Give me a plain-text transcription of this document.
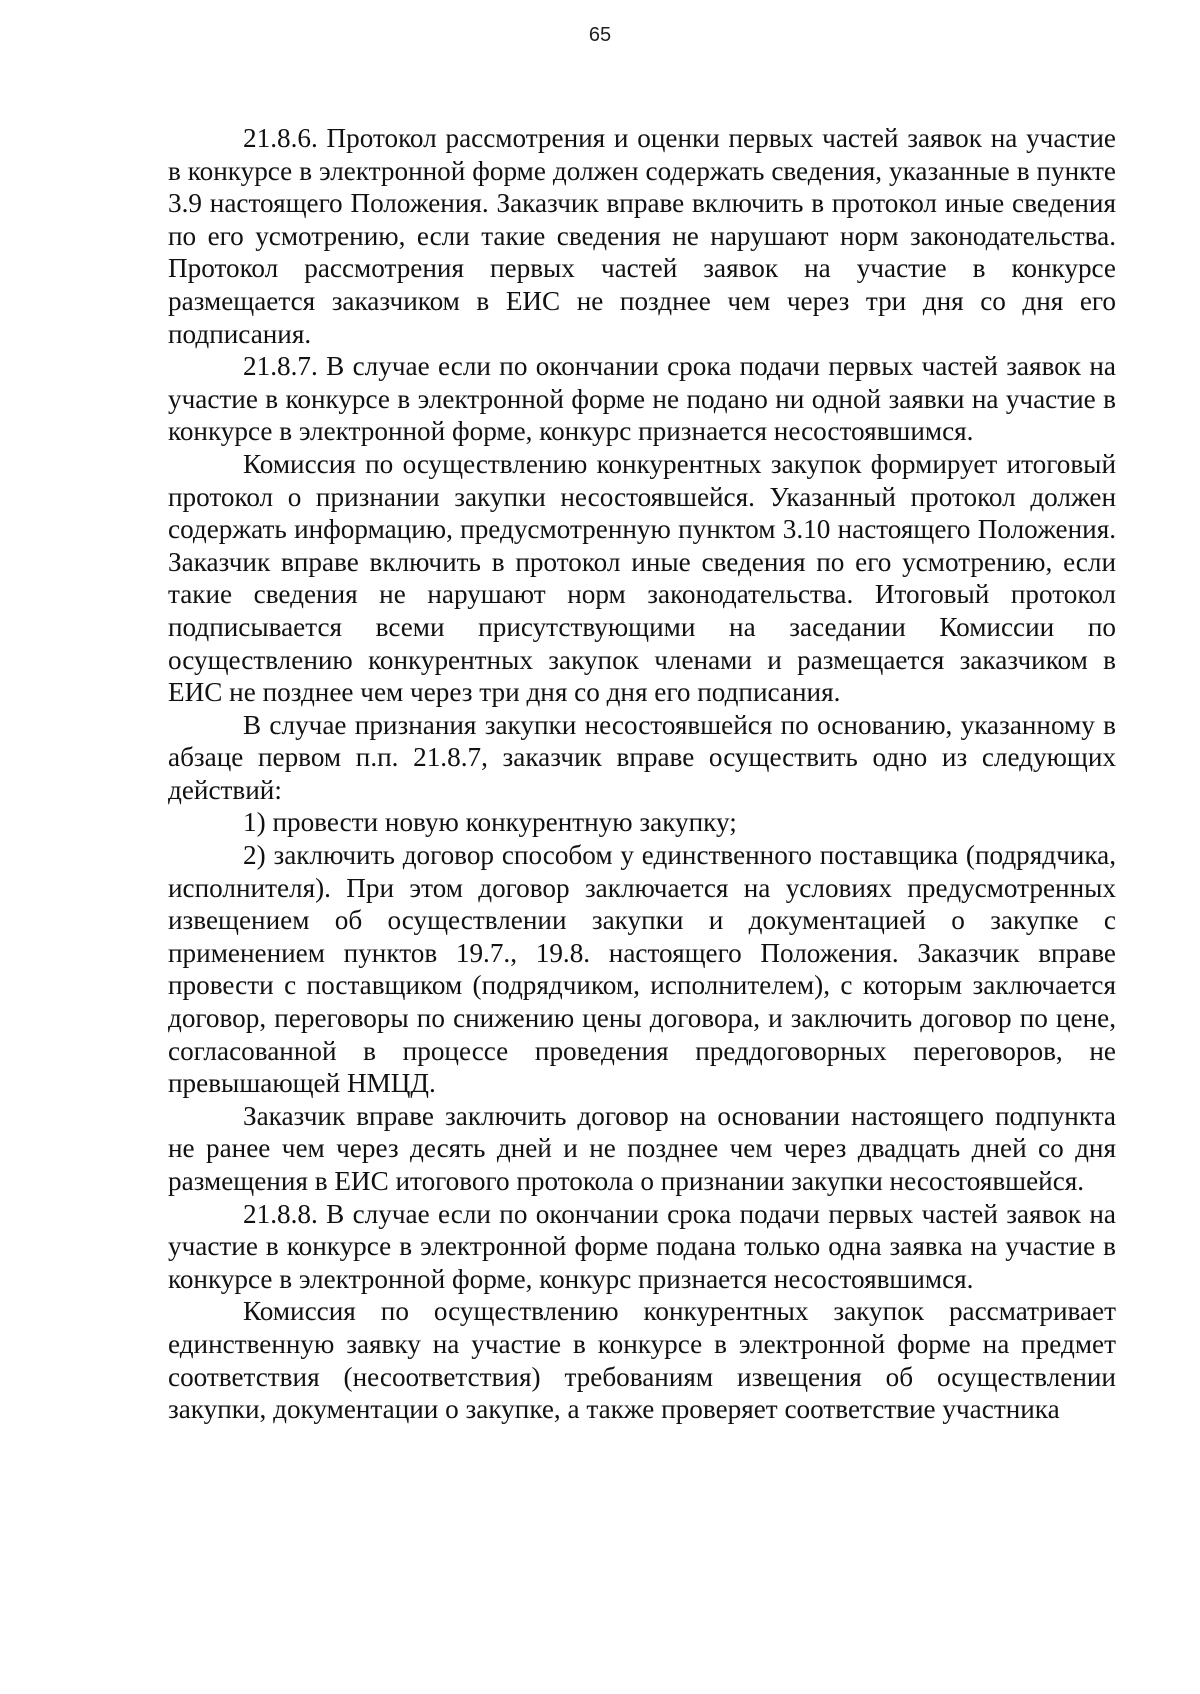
65

21.8.6. Протокол рассмотрения и оценки первых частей заявок на участие в конкурсе в электронной форме должен содержать сведения, указанные в пункте 3.9 настоящего Положения. Заказчик вправе включить в протокол иные сведения по его усмотрению, если такие сведения не нарушают норм законодательства. Протокол рассмотрения первых частей заявок на участие в конкурсе размещается заказчиком в ЕИС не позднее чем через три дня со дня его подписания.

21.8.7. В случае если по окончании срока подачи первых частей заявок на участие в конкурсе в электронной форме не подано ни одной заявки на участие в конкурсе в электронной форме, конкурс признается несостоявшимся.

Комиссия по осуществлению конкурентных закупок формирует итоговый протокол о признании закупки несостоявшейся. Указанный протокол должен содержать информацию, предусмотренную пунктом 3.10 настоящего Положения. Заказчик вправе включить в протокол иные сведения по его усмотрению, если такие сведения не нарушают норм законодательства. Итоговый протокол подписывается всеми присутствующими на заседании Комиссии по осуществлению конкурентных закупок членами и размещается заказчиком в ЕИС не позднее чем через три дня со дня его подписания.

В случае признания закупки несостоявшейся по основанию, указанному в абзаце первом п.п. 21.8.7, заказчик вправе осуществить одно из следующих действий:

1) провести новую конкурентную закупку;

2) заключить договор способом у единственного поставщика (подрядчика, исполнителя). При этом договор заключается на условиях предусмотренных извещением об осуществлении закупки и документацией о закупке с применением пунктов 19.7., 19.8. настоящего Положения. Заказчик вправе провести с поставщиком (подрядчиком, исполнителем), с которым заключается договор, переговоры по снижению цены договора, и заключить договор по цене, согласованной в процессе проведения преддоговорных переговоров, не превышающей НМЦД.

Заказчик вправе заключить договор на основании настоящего подпункта не ранее чем через десять дней и не позднее чем через двадцать дней со дня размещения в ЕИС итогового протокола о признании закупки несостоявшейся.

21.8.8. В случае если по окончании срока подачи первых частей заявок на участие в конкурсе в электронной форме подана только одна заявка на участие в конкурсе в электронной форме, конкурс признается несостоявшимся.

Комиссия по осуществлению конкурентных закупок рассматривает единственную заявку на участие в конкурсе в электронной форме на предмет соответствия (несоответствия) требованиям извещения об осуществлении закупки, документации о закупке, а также проверяет соответствие участника
